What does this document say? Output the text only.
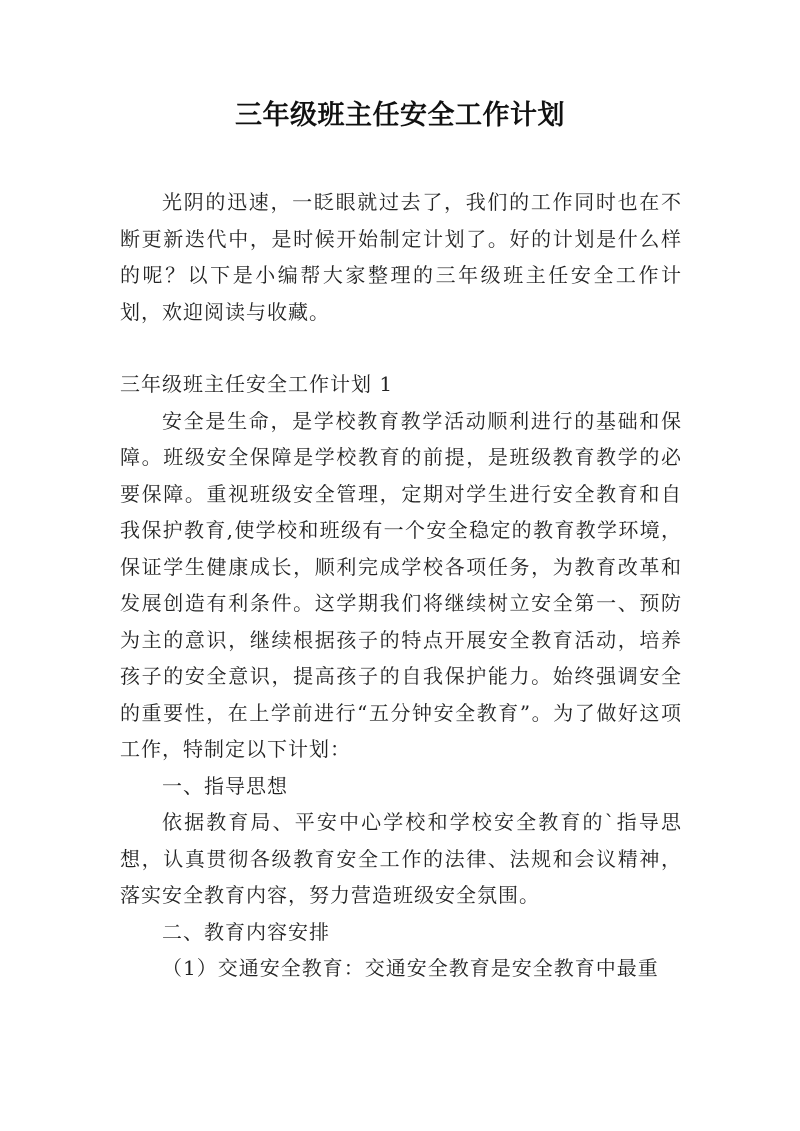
三年级班主任安全工作计划

光阴的迅速，一眨眼就过去了，我们的工作同时也在不断更新迭代中，是时候开始制定计划了。好的计划是什么样的呢？以下是小编帮大家整理的三年级班主任安全工作计划，欢迎阅读与收藏。

三年级班主任安全工作计划 1

安全是生命，是学校教育教学活动顺利进行的基础和保障。班级安全保障是学校教育的前提，是班级教育教学的必要保障。重视班级安全管理，定期对学生进行安全教育和自我保护教育,使学校和班级有一个安全稳定的教育教学环境，保证学生健康成长，顺利完成学校各项任务，为教育改革和发展创造有利条件。这学期我们将继续树立安全第一、预防为主的意识，继续根据孩子的特点开展安全教育活动，培养孩子的安全意识，提高孩子的自我保护能力。始终强调安全的重要性，在上学前进行“五分钟安全教育”。为了做好这项工作，特制定以下计划：

一、指导思想

依据教育局、平安中心学校和学校安全教育的`指导思想，认真贯彻各级教育安全工作的法律、法规和会议精神，落实安全教育内容，努力营造班级安全氛围。

二、教育内容安排

（1）交通安全教育：交通安全教育是安全教育中最重
